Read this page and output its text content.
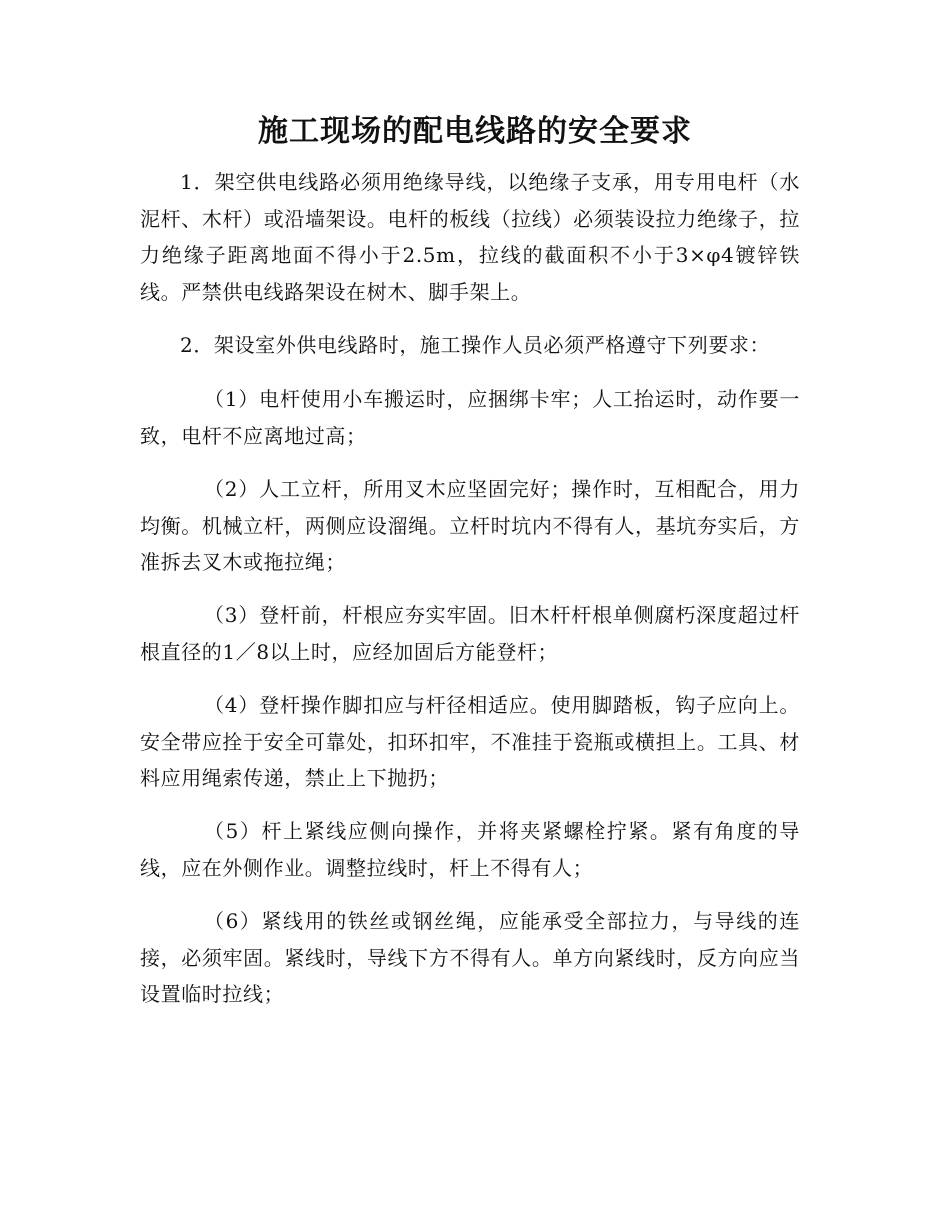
施工现场的配电线路的安全要求

1．架空供电线路必须用绝缘导线，以绝缘子支承，用专用电杆（水泥杆、木杆）或沿墙架设。电杆的板线（拉线）必须装设拉力绝缘子，拉力绝缘子距离地面不得小于2.5m，拉线的截面积不小于3×φ4镀锌铁线。严禁供电线路架设在树木、脚手架上。

2．架设室外供电线路时，施工操作人员必须严格遵守下列要求：

（1）电杆使用小车搬运时，应捆绑卡牢；人工抬运时，动作要一致，电杆不应离地过高；

（2）人工立杆，所用叉木应坚固完好；操作时，互相配合，用力均衡。机械立杆，两侧应设溜绳。立杆时坑内不得有人，基坑夯实后，方准拆去叉木或拖拉绳；

（3）登杆前，杆根应夯实牢固。旧木杆杆根单侧腐朽深度超过杆根直径的1／8以上时，应经加固后方能登杆；

（4）登杆操作脚扣应与杆径相适应。使用脚踏板，钩子应向上。安全带应拴于安全可靠处，扣环扣牢，不准挂于瓷瓶或横担上。工具、材料应用绳索传递，禁止上下抛扔；

（5）杆上紧线应侧向操作，并将夹紧螺栓拧紧。紧有角度的导线，应在外侧作业。调整拉线时，杆上不得有人；

（6）紧线用的铁丝或钢丝绳，应能承受全部拉力，与导线的连接，必须牢固。紧线时，导线下方不得有人。单方向紧线时，反方向应当设置临时拉线；
